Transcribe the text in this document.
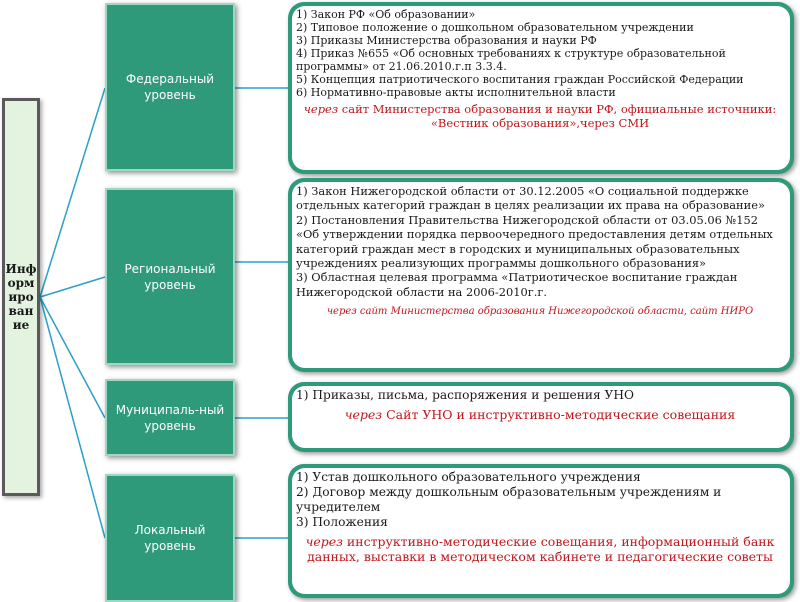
Информирование
Федеральный уровень
Региональный уровень
Муниципаль-ный уровень
Локальный уровень
1) Закон РФ «Об образовании»
2) Типовое положение о дошкольном образовательном учреждении
3) Приказы Министерства образования и науки РФ
4) Приказ №655 «Об основных требованиях к структуре образовательной программы» от 21.06.2010.г.п 3.3.4.
5) Концепция патриотического воспитания граждан Российской Федерации
6) Нормативно-правовые акты исполнительной власти
через сайт Министерства образования и науки РФ, официальные источники: «Вестник образования»,через СМИ
1) Закон Нижегородской области от 30.12.2005 «О социальной поддержке отдельных категорий граждан в целях реализации их права на образование»
2) Постановления Правительства Нижегородской области от 03.05.06 №152 «Об утверждении порядка первоочередного предоставления детям отдельных категорий граждан мест в городских и муниципальных образовательных учреждениях реализующих программы дошкольного образования»
3) Областная целевая программа «Патриотическое воспитание граждан Нижегородской области на 2006-2010г.г.
через сайт Министерства образования Нижегородской области, сайт НИРО
1) Приказы, письма, распоряжения и решения УНО
через Сайт УНО и инструктивно-методические совещания
1) Устав дошкольного образовательного учреждения
2) Договор между дошкольным образовательным учреждениям и учредителем
3) Положения
через инструктивно-методические совещания, информационный банк данных, выставки в методическом кабинете и педагогические советы
